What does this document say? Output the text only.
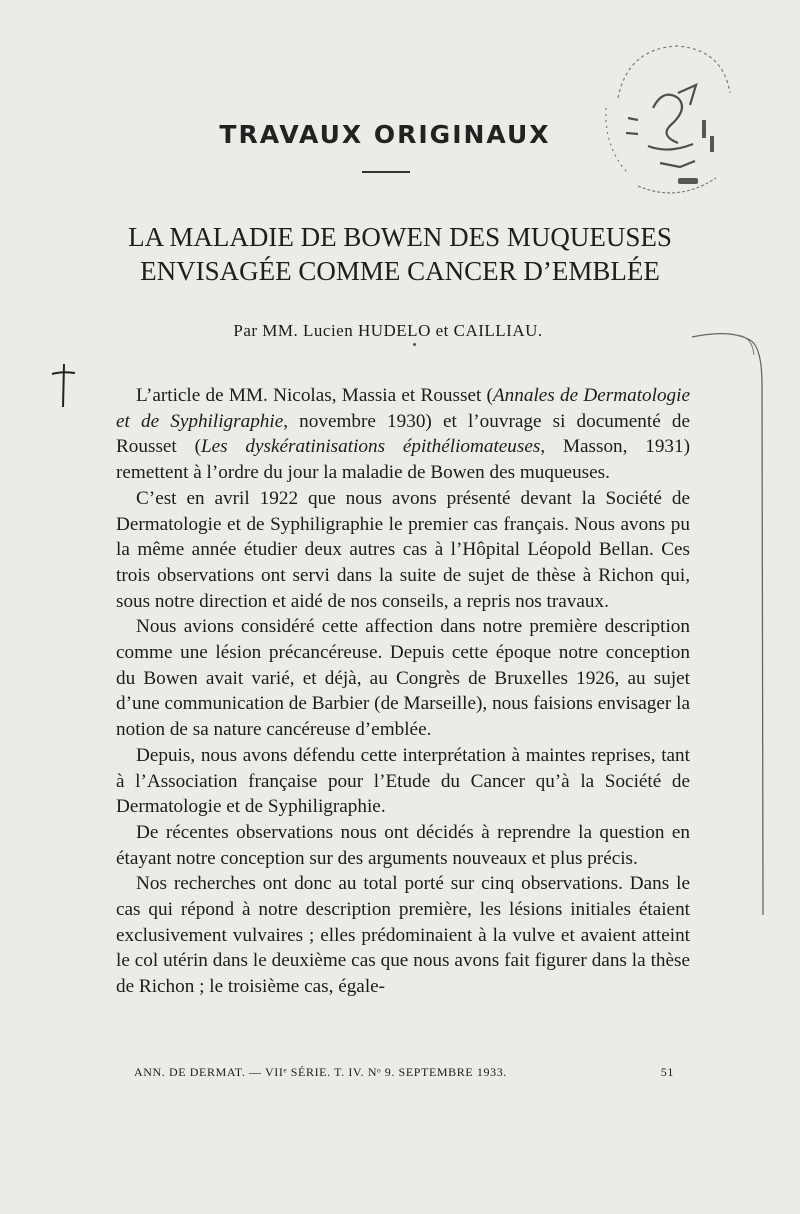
TRAVAUX ORIGINAUX
LA MALADIE DE BOWEN DES MUQUEUSES
ENVISAGÉE COMME CANCER D’EMBLÉE
Par MM. Lucien HUDELO et CAILLIAU.

L’article de MM. Nicolas, Massia et Rousset (Annales de Dermatologie et de Syphiligraphie, novembre 1930) et l’ouvrage si documenté de Rousset (Les dyskératinisations épithéliomateuses, Masson, 1931) remettent à l’ordre du jour la maladie de Bowen des muqueuses.

C’est en avril 1922 que nous avons présenté devant la Société de Dermatologie et de Syphiligraphie le premier cas français. Nous avons pu la même année étudier deux autres cas à l’Hôpital Léopold Bellan. Ces trois observations ont servi dans la suite de sujet de thèse à Richon qui, sous notre direction et aidé de nos conseils, a repris nos travaux.

Nous avions considéré cette affection dans notre première description comme une lésion précancéreuse. Depuis cette époque notre conception du Bowen avait varié, et déjà, au Congrès de Bruxelles 1926, au sujet d’une communication de Barbier (de Marseille), nous faisions envisager la notion de sa nature cancéreuse d’emblée.

Depuis, nous avons défendu cette interprétation à maintes reprises, tant à l’Association française pour l’Etude du Cancer qu’à la Société de Dermatologie et de Syphiligraphie.

De récentes observations nous ont décidés à reprendre la question en étayant notre conception sur des arguments nouveaux et plus précis.

Nos recherches ont donc au total porté sur cinq observations. Dans le cas qui répond à notre description première, les lésions initiales étaient exclusivement vulvaires ; elles prédominaient à la vulve et avaient atteint le col utérin dans le deuxième cas que nous avons fait figurer dans la thèse de Richon ; le troisième cas, égale-

ANN. DE DERMAT. — VIIᵉ SÉRIE. T. IV. Nᵒ 9. SEPTEMBRE 1933.	51
